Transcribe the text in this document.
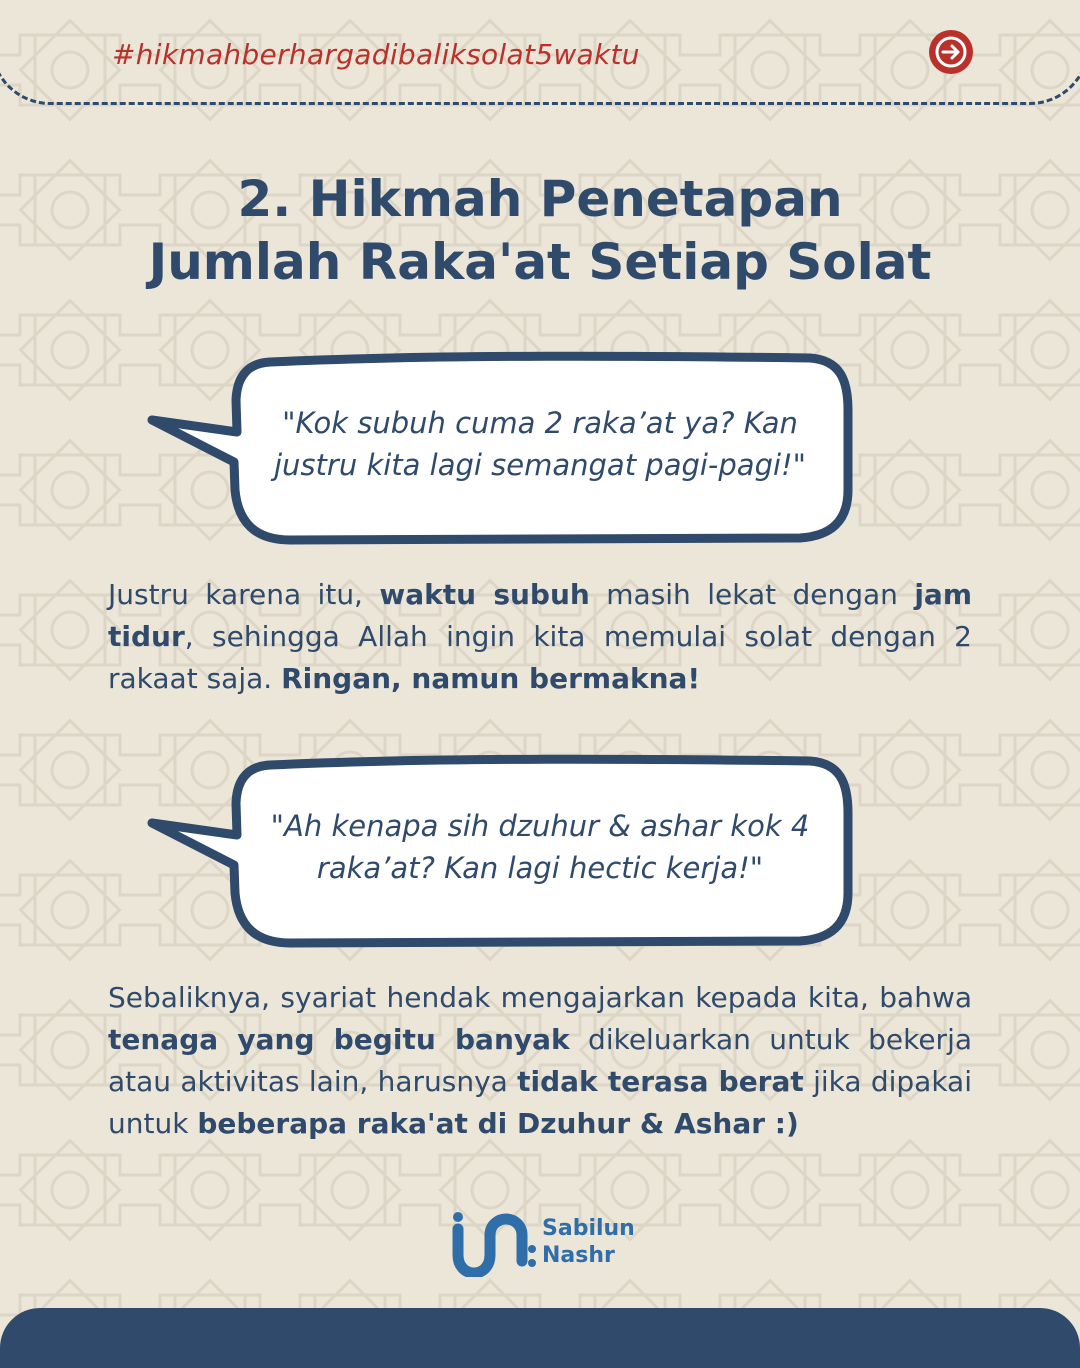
#hikmahberhargadibaliksolat5waktu
2. Hikmah Penetapan
Jumlah Raka'at Setiap Solat
"Kok subuh cuma 2 raka’at ya? Kan
justru kita lagi semangat pagi-pagi!"
Justru karena itu, waktu subuh masih lekat dengan jam tidur, sehingga Allah ingin kita memulai solat dengan 2 rakaat saja. Ringan, namun bermakna!
"Ah kenapa sih dzuhur & ashar kok 4
raka’at? Kan lagi hectic kerja!"
Sebaliknya, syariat hendak mengajarkan kepada kita, bahwa tenaga yang begitu banyak dikeluarkan untuk bekerja atau aktivitas lain, harusnya tidak terasa berat jika dipakai untuk beberapa raka'at di Dzuhur & Ashar :)
Sabilun
Nashr
